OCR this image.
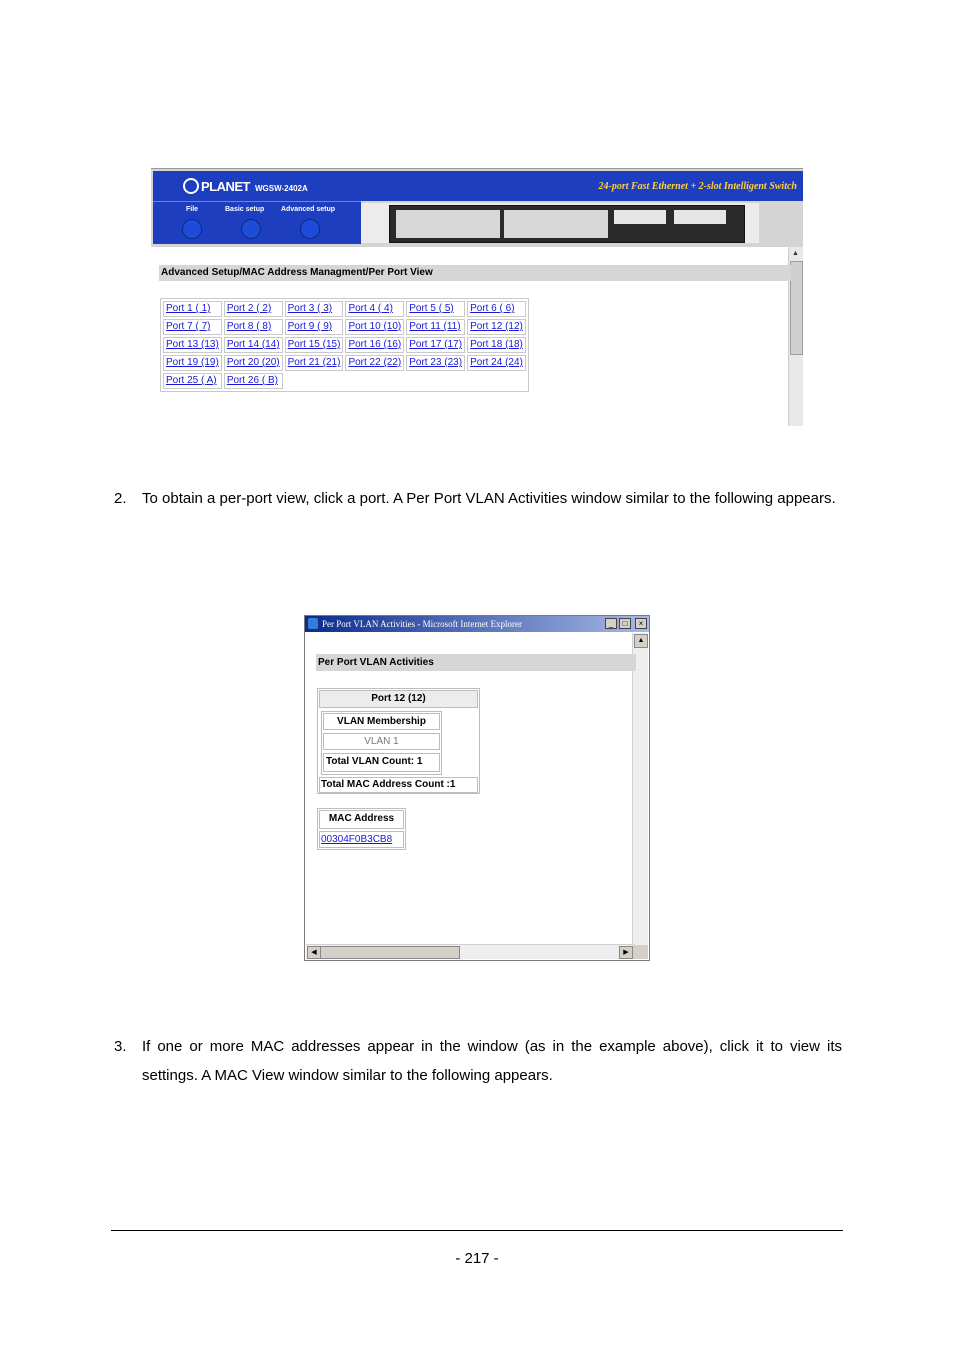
PLANET WGSW-2402A	24-port Fast Ethernet + 2-slot Intelligent Switch
File	Basic setup Advanced setup
▲
Advanced Setup/MAC Address Managment/Per Port View
Port 1 ( 1)	Port 2 ( 2)	Port 3 ( 3)	Port 4 ( 4)	Port 5 ( 5)	Port 6 ( 6)
Port 7 ( 7)	Port 8 ( 8)	Port 9 ( 9)	Port 10 (10)	Port 11 (11)	Port 12 (12)
Port 13 (13)	Port 14 (14)	Port 15 (15)	Port 16 (16)	Port 17 (17)	Port 18 (18)
Port 19 (19)	Port 20 (20)	Port 21 (21)	Port 22 (22)	Port 23 (23)	Port 24 (24)
Port 25 ( A)	Port 26 ( B)				
2. To obtain a per-port view, click a port. A Per Port VLAN Activities window similar to the following appears.
Per Port VLAN Activities - Microsoft Internet Explorer	_	□	×
▲
◀	▶
Per Port VLAN Activities
Port 12 (12)
VLAN Membership
VLAN 1
Total VLAN Count: 1
Total MAC Address Count :1
MAC Address
00304F0B3CB8
3. If one or more MAC addresses appear in the window (as in the example above), click it to view its settings. A MAC View window similar to the following appears.
- 217 -
